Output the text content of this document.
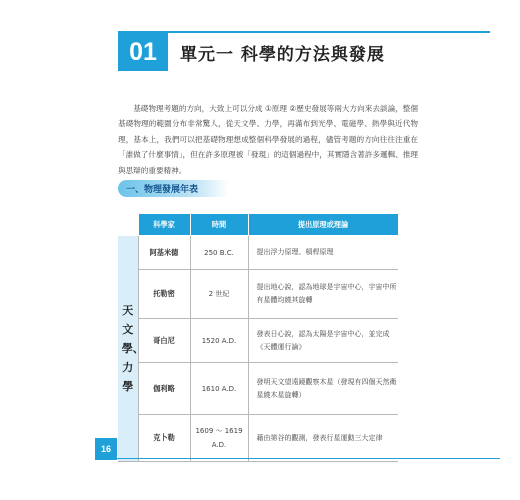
01	單元一 科學的方法與發展

基礎物理考題的方向，大致上可以分成 ①原理 ②歷史發展等兩大方向來去談論，整個基礎物理的範圍分布非常驚人，從天文學、力學，再滿布到光學、電磁學、熱學與近代物理，基本上，我們可以把基礎物理想成整個科學發展的過程，儘管考題的方向往往注重在「誰做了什麼事情」，但在許多原理被「發現」的這個過程中，其實隱含著許多邏輯、推理與思辯的重要精神。

一、物理發展年表
	科學家	時間	提出原理或理論
天文學、力學	阿基米德	250 B.C.	提出浮力原理、槓桿原理
	托勒密	2 世紀	提出地心說，認為地球是宇宙中心，宇宙中所有星體均繞其旋轉
	哥白尼	1520 A.D.	發表日心說，認為太陽是宇宙中心，並完成《天體運行論》
	伽利略	1610 A.D.	發明天文望遠鏡觀察木星（發現有四個天然衛星繞木星旋轉）
	克卜勒	1609 ～ 1619 A.D.	藉由第谷的觀測，發表行星運動三大定律
16
